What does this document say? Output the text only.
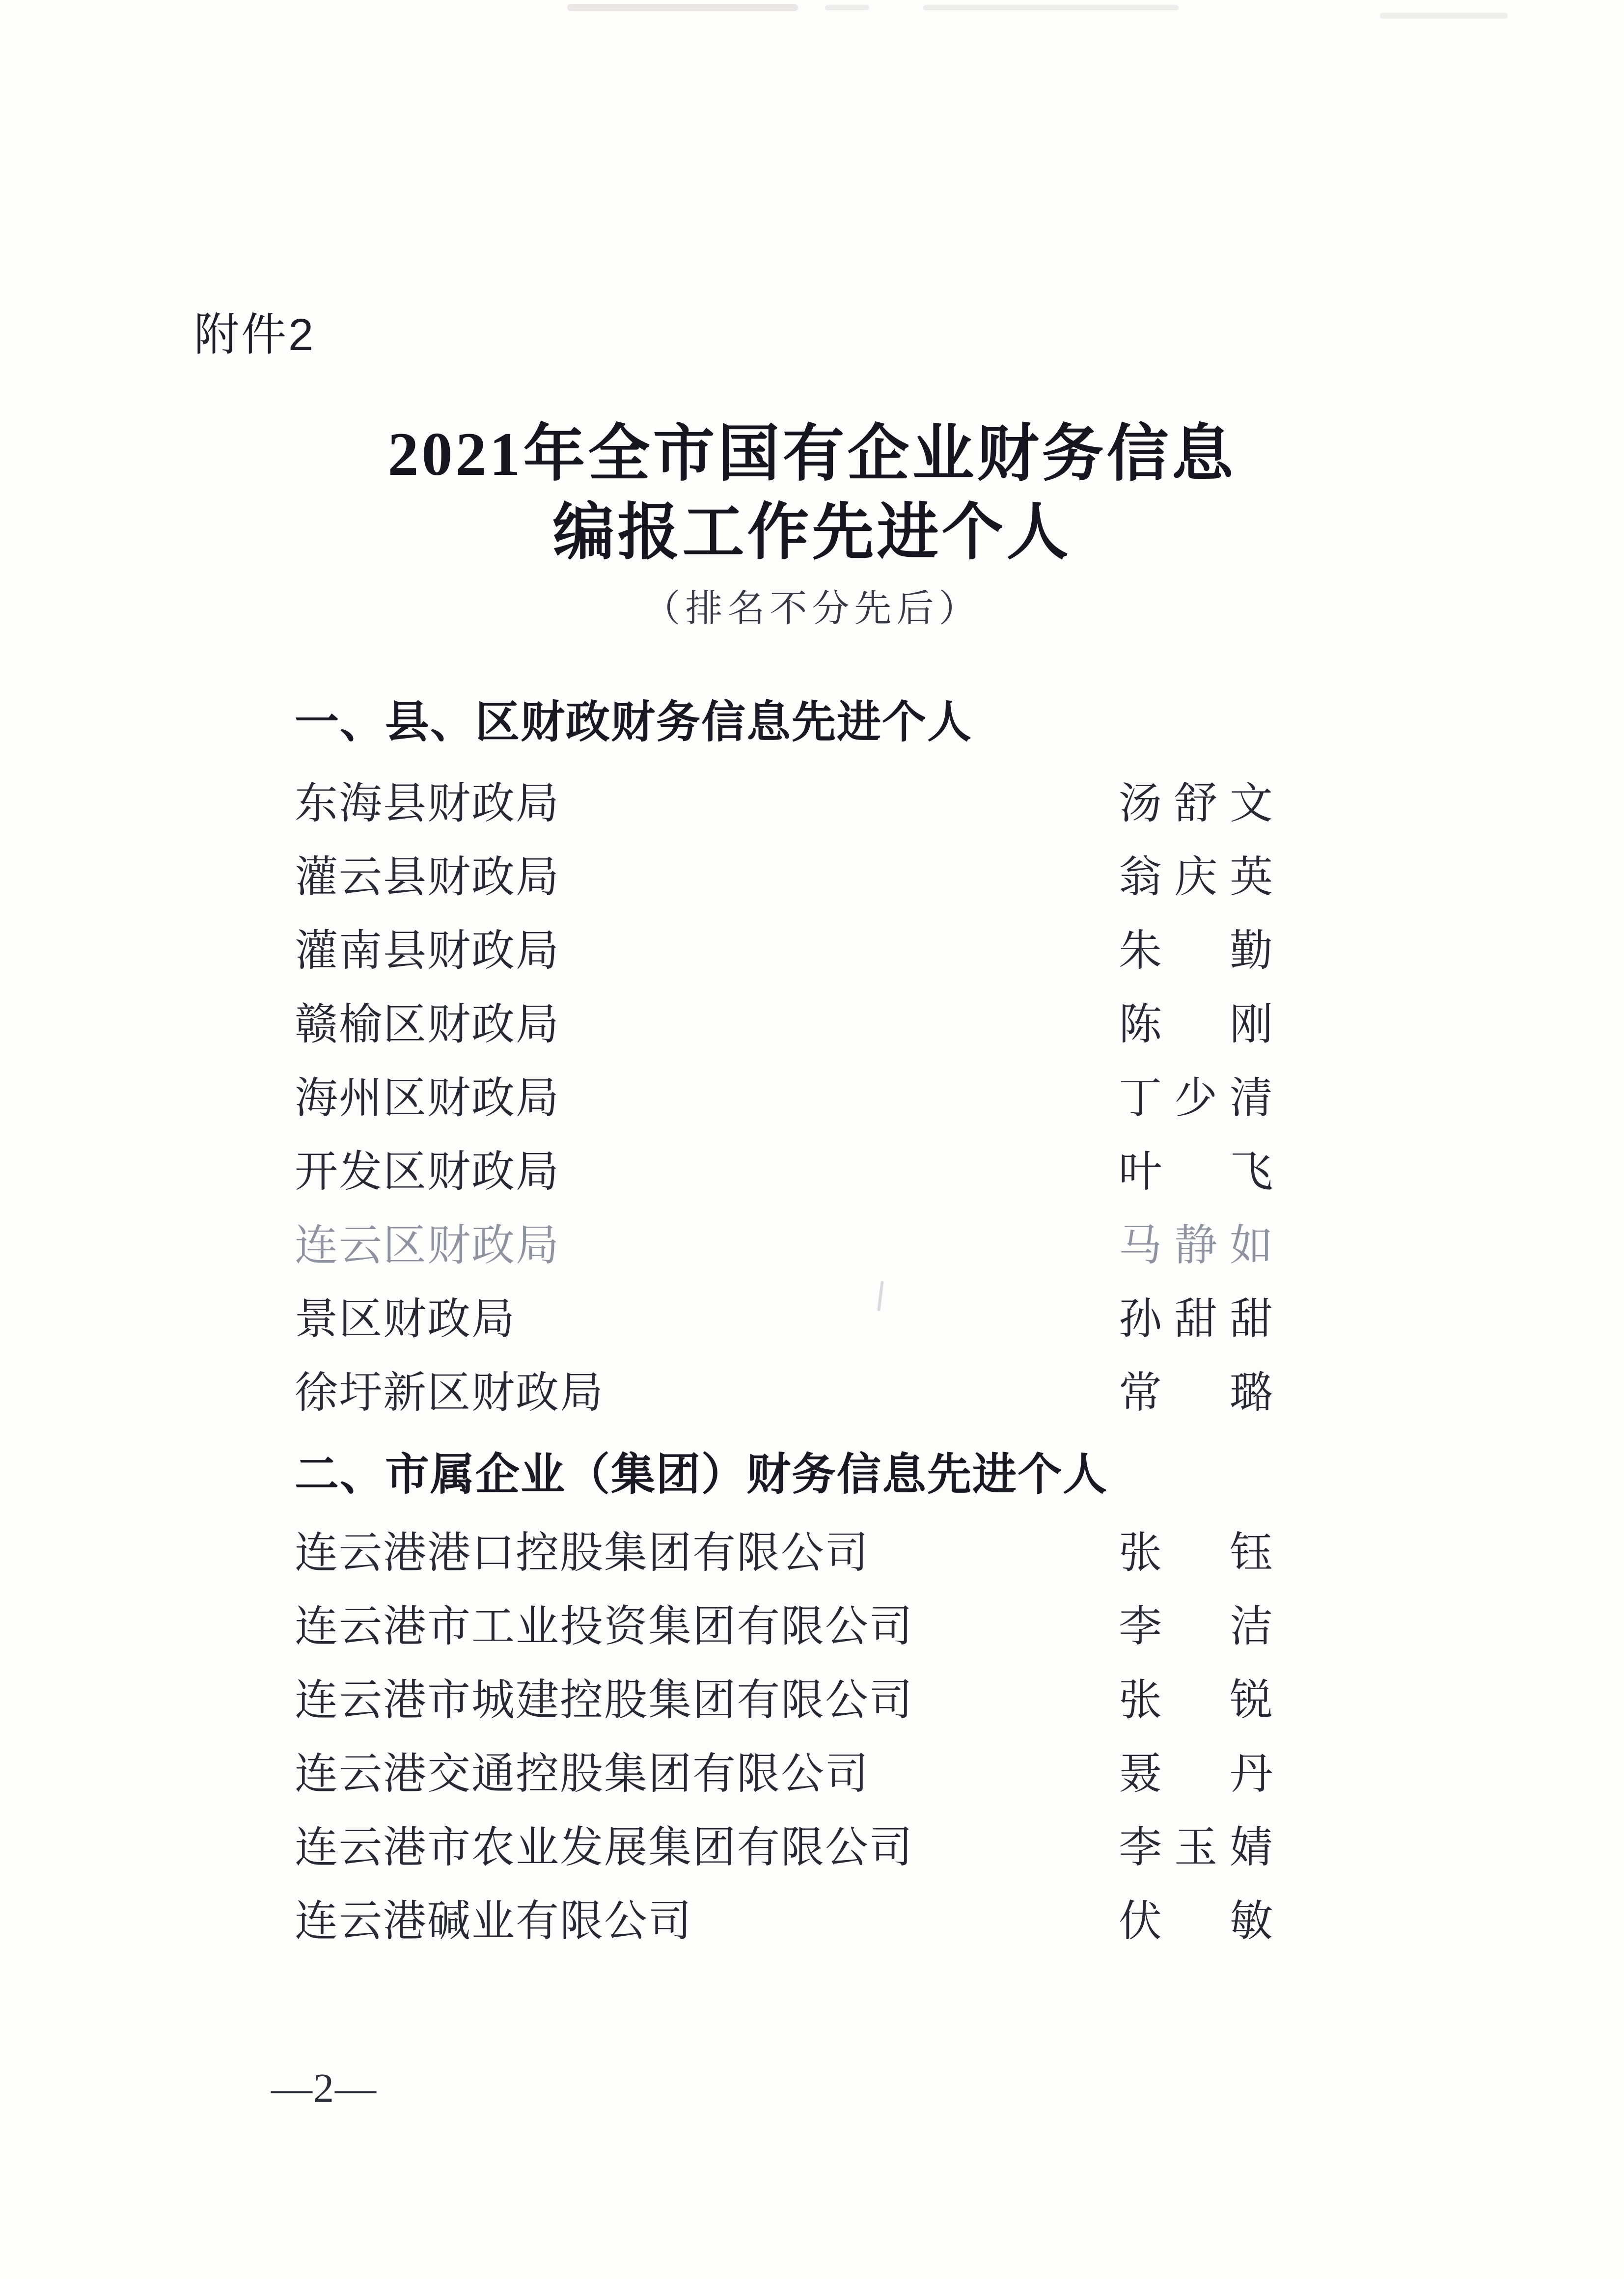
附件2
2021年全市国有企业财务信息
编报工作先进个人
（排名不分先后）
一、县、区财政财务信息先进个人
东海县财政局	汤舒文
灌云县财政局	翁庆英
灌南县财政局	朱　勤
赣榆区财政局	陈　刚
海州区财政局	丁少清
开发区财政局	叶　飞
连云区财政局	马静如
景区财政局	孙甜甜
徐圩新区财政局	常　璐
二、市属企业（集团）财务信息先进个人
连云港港口控股集团有限公司	张　钰
连云港市工业投资集团有限公司	李　洁
连云港市城建控股集团有限公司	张　锐
连云港交通控股集团有限公司	聂　丹
连云港市农业发展集团有限公司	李玉婧
连云港碱业有限公司	伏　敏
—2—
